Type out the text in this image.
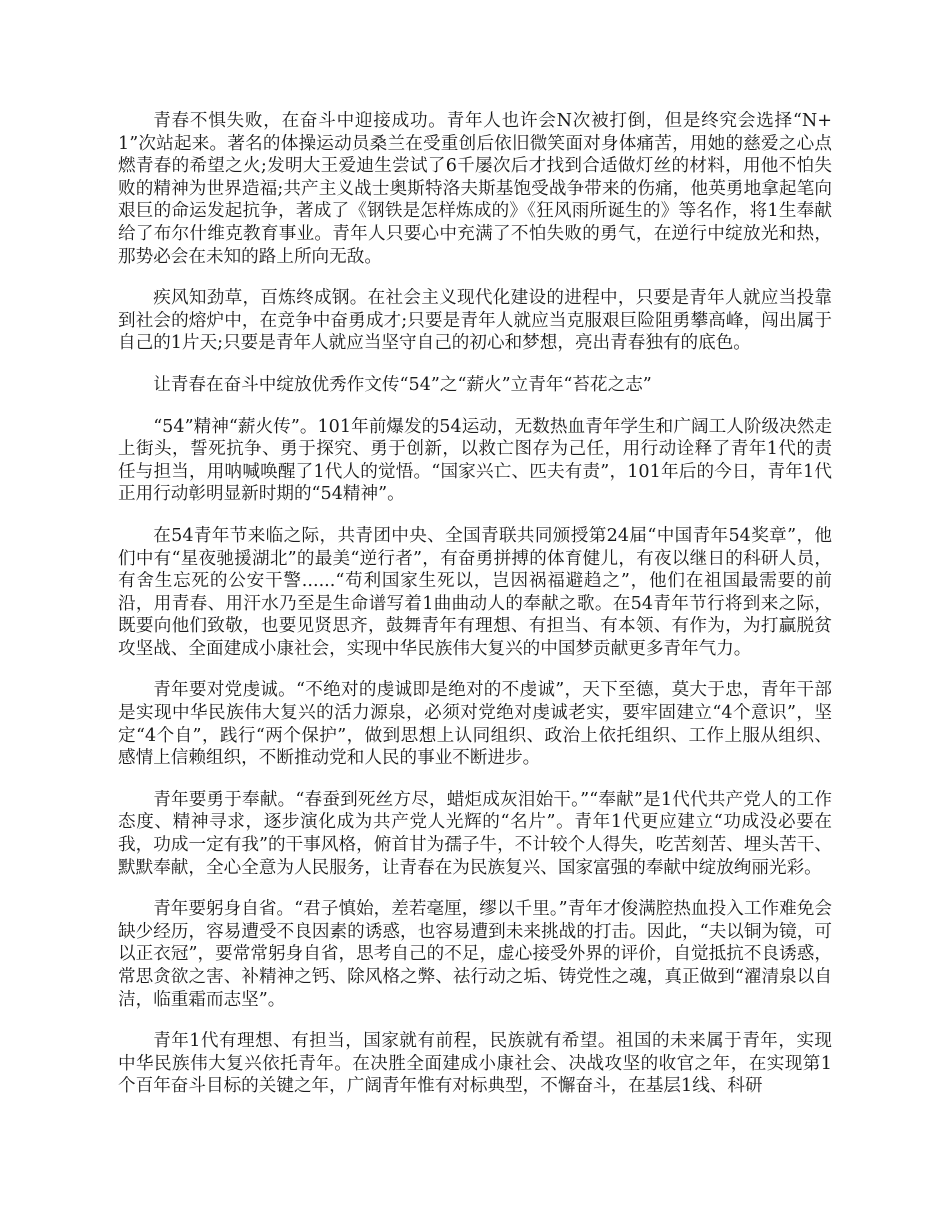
青春不惧失败，在奋斗中迎接成功。青年人也许会N次被打倒，但是终究会选择“N+1”次站起来。著名的体操运动员桑兰在受重创后依旧微笑面对身体痛苦，用她的慈爱之心点燃青春的希望之火;发明大王爱迪生尝试了6千屡次后才找到合适做灯丝的材料，用他不怕失败的精神为世界造福;共产主义战士奥斯特洛夫斯基饱受战争带来的伤痛，他英勇地拿起笔向艰巨的命运发起抗争，著成了《钢铁是怎样炼成的》《狂风雨所诞生的》等名作，将1生奉献给了布尔什维克教育事业。青年人只要心中充满了不怕失败的勇气，在逆行中绽放光和热，那势必会在未知的路上所向无敌。

疾风知劲草，百炼终成钢。在社会主义现代化建设的进程中，只要是青年人就应当投靠到社会的熔炉中，在竞争中奋勇成才;只要是青年人就应当克服艰巨险阻勇攀高峰，闯出属于自己的1片天;只要是青年人就应当坚守自己的初心和梦想，亮出青春独有的底色。

让青春在奋斗中绽放优秀作文传“54”之“薪火”立青年“苔花之志”

“54”精神“薪火传”。101年前爆发的54运动，无数热血青年学生和广阔工人阶级决然走上街头，誓死抗争、勇于探究、勇于创新，以救亡图存为己任，用行动诠释了青年1代的责任与担当，用呐喊唤醒了1代人的觉悟。“国家兴亡、匹夫有责”，101年后的今日，青年1代正用行动彰明显新时期的“54精神”。

在54青年节来临之际，共青团中央、全国青联共同颁授第24届“中国青年54奖章”，他们中有“星夜驰援湖北”的最美“逆行者”，有奋勇拼搏的体育健儿，有夜以继日的科研人员，有舍生忘死的公安干警......“苟利国家生死以，岂因祸福避趋之”，他们在祖国最需要的前沿，用青春、用汗水乃至是生命谱写着1曲曲动人的奉献之歌。在54青年节行将到来之际，既要向他们致敬，也要见贤思齐，鼓舞青年有理想、有担当、有本领、有作为，为打赢脱贫攻坚战、全面建成小康社会，实现中华民族伟大复兴的中国梦贡献更多青年气力。

青年要对党虔诚。“不绝对的虔诚即是绝对的不虔诚”，天下至德，莫大于忠，青年干部是实现中华民族伟大复兴的活力源泉，必须对党绝对虔诚老实，要牢固建立“4个意识”，坚定“4个自”，践行“两个保护”，做到思想上认同组织、政治上依托组织、工作上服从组织、感情上信赖组织，不断推动党和人民的事业不断进步。

青年要勇于奉献。“春蚕到死丝方尽，蜡炬成灰泪始干。”“奉献”是1代代共产党人的工作态度、精神寻求，逐步演化成为共产党人光辉的“名片”。青年1代更应建立“功成没必要在我，功成一定有我”的干事风格，俯首甘为孺子牛，不计较个人得失，吃苦刻苦、埋头苦干、默默奉献，全心全意为人民服务，让青春在为民族复兴、国家富强的奉献中绽放绚丽光彩。

青年要躬身自省。“君子慎始，差若毫厘，缪以千里。”青年才俊满腔热血投入工作难免会缺少经历，容易遭受不良因素的诱惑，也容易遭到未来挑战的打击。因此，“夫以铜为镜，可以正衣冠”，要常常躬身自省，思考自己的不足，虚心接受外界的评价，自觉抵抗不良诱惑，常思贪欲之害、补精神之钙、除风格之弊、祛行动之垢、铸党性之魂，真正做到“濯清泉以自洁，临重霜而志坚”。

青年1代有理想、有担当，国家就有前程，民族就有希望。祖国的未来属于青年，实现中华民族伟大复兴依托青年。在决胜全面建成小康社会、决战攻坚的收官之年，在实现第1个百年奋斗目标的关键之年，广阔青年惟有对标典型，不懈奋斗，在基层1线、科研
